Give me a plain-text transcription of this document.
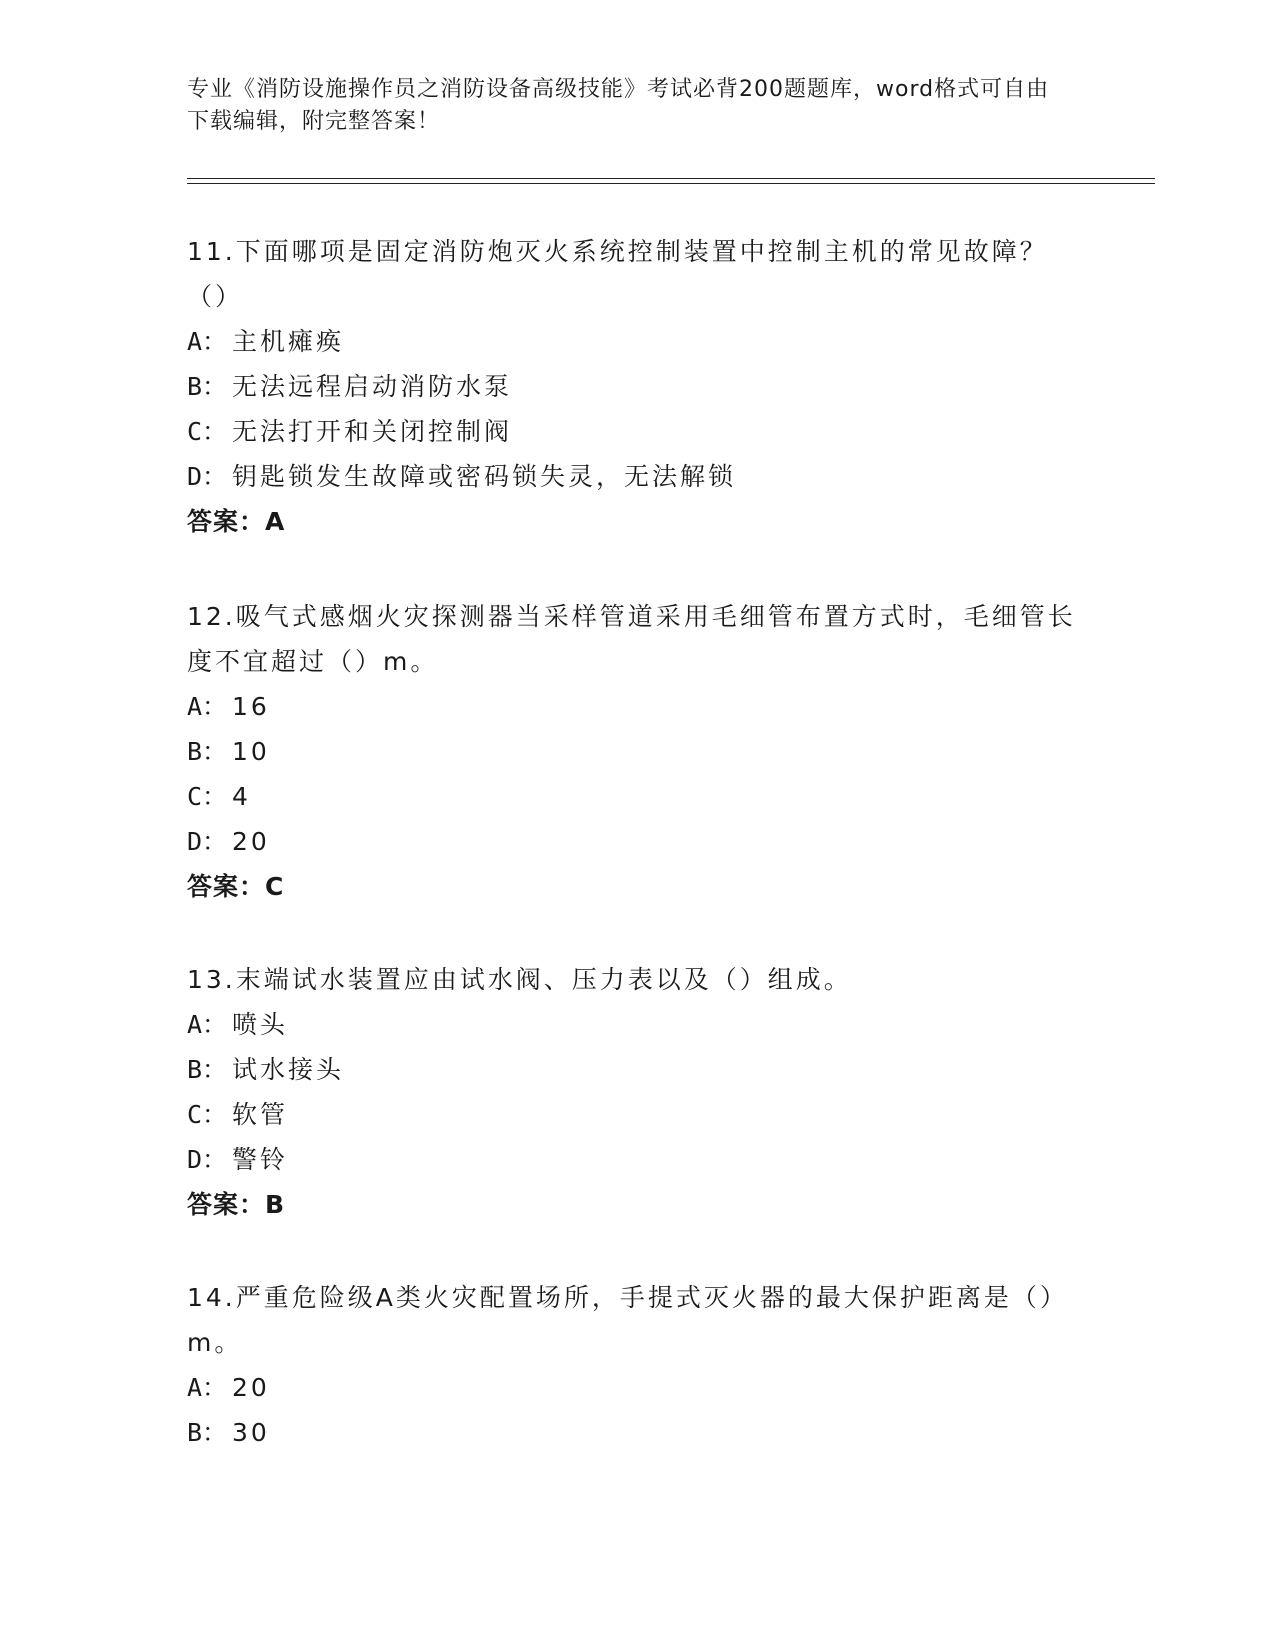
专业《消防设施操作员之消防设备高级技能》考试必背200题题库，word格式可自由下载编辑，附完整答案！

11.下面哪项是固定消防炮灭火系统控制装置中控制主机的常见故障？（）

A： 主机瘫痪

B： 无法远程启动消防水泵

C： 无法打开和关闭控制阀

D： 钥匙锁发生故障或密码锁失灵，无法解锁

答案：A

12.吸气式感烟火灾探测器当采样管道采用毛细管布置方式时，毛细管长度不宜超过（）m。

A： 16

B： 10

C： 4

D： 20

答案：C

13.末端试水装置应由试水阀、压力表以及（）组成。

A： 喷头

B： 试水接头

C： 软管

D： 警铃

答案：B

14.严重危险级A类火灾配置场所，手提式灭火器的最大保护距离是（）m。

A： 20

B： 30
